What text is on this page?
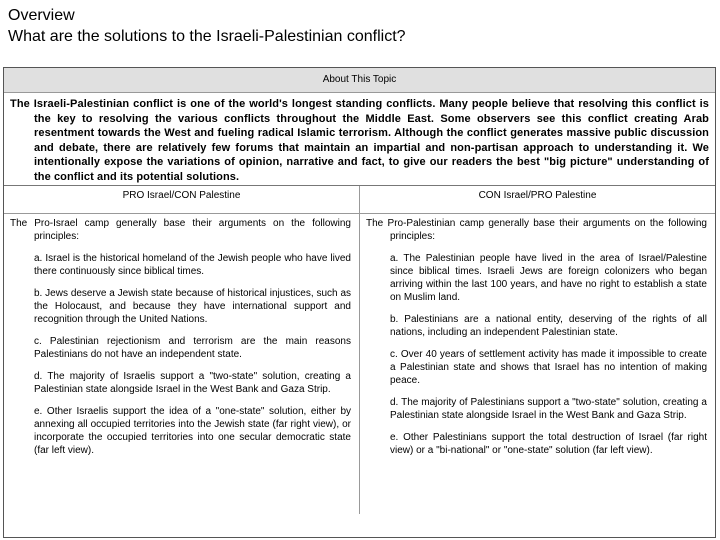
Overview
What are the solutions to the Israeli-Palestinian conflict?
About This Topic
The Israeli-Palestinian conflict is one of the world's longest standing conflicts. Many people believe that resolving this conflict is the key to resolving the various conflicts throughout the Middle East. Some observers see this conflict creating Arab resentment towards the West and fueling radical Islamic terrorism. Although the conflict generates massive public discussion and debate, there are relatively few forums that maintain an impartial and non-partisan approach to understanding it. We intentionally expose the variations of opinion, narrative and fact, to give our readers the best "big picture" understanding of the conflict and its potential solutions.
PRO Israel/CON Palestine	CON Israel/PRO Palestine

The Pro-Israel camp generally base their arguments on the following principles:

a. Israel is the historical homeland of the Jewish people who have lived there continuously since biblical times.

b. Jews deserve a Jewish state because of historical injustices, such as the Holocaust, and because they have international support and recognition through the United Nations.

c. Palestinian rejectionism and terrorism are the main reasons Palestinians do not have an independent state.

d. The majority of Israelis support a "two-state" solution, creating a Palestinian state alongside Israel in the West Bank and Gaza Strip.

e. Other Israelis support the idea of a "one-state" solution, either by annexing all occupied territories into the Jewish state (far right view), or incorporate the occupied territories into one secular democratic state (far left view).

The Pro-Palestinian camp generally base their arguments on the following principles:

a. The Palestinian people have lived in the area of Israel/Palestine since biblical times. Israeli Jews are foreign colonizers who began arriving within the last 100 years, and have no right to establish a state on Muslim land.

b. Palestinians are a national entity, deserving of the rights of all nations, including an independent Palestinian state.

c. Over 40 years of settlement activity has made it impossible to create a Palestinian state and shows that Israel has no intention of making peace.

d. The majority of Palestinians support a "two-state" solution, creating a Palestinian state alongside Israel in the West Bank and Gaza Strip.

e. Other Palestinians support the total destruction of Israel (far right view) or a "bi-national" or "one-state" solution (far left view).
